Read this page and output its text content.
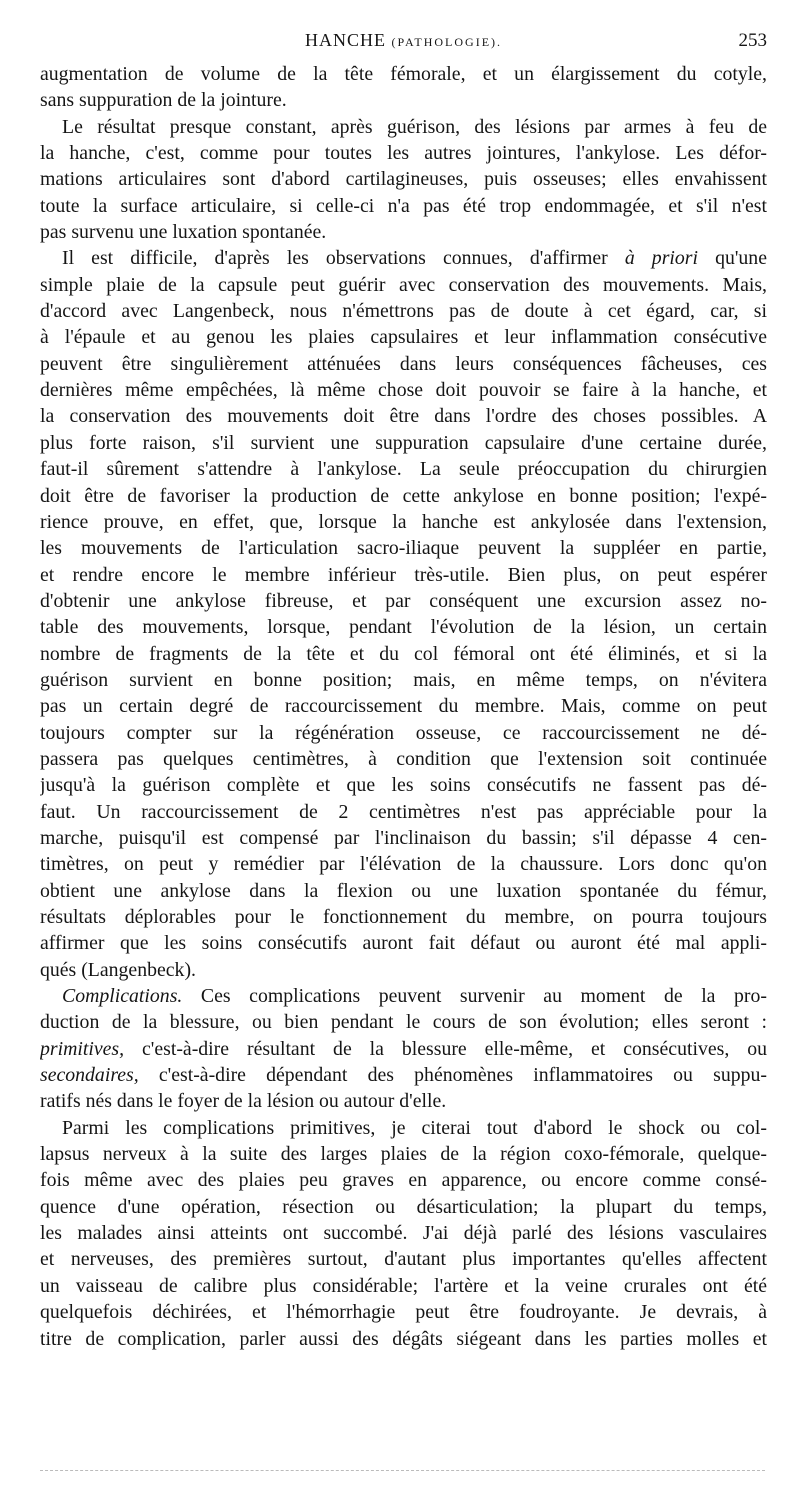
HANCHE (PATHOLOGIE).	253
augmentation de volume de la tête fémorale, et un élargissement du cotyle,
sans suppuration de la jointure.
Le résultat presque constant, après guérison, des lésions par armes à feu de
la hanche, c'est, comme pour toutes les autres jointures, l'ankylose. Les défor-
mations articulaires sont d'abord cartilagineuses, puis osseuses; elles envahissent
toute la surface articulaire, si celle-ci n'a pas été trop endommagée, et s'il n'est
pas survenu une luxation spontanée.
Il est difficile, d'après les observations connues, d'affirmer à priori qu'une
simple plaie de la capsule peut guérir avec conservation des mouvements. Mais,
d'accord avec Langenbeck, nous n'émettrons pas de doute à cet égard, car, si
à l'épaule et au genou les plaies capsulaires et leur inflammation consécutive
peuvent être singulièrement atténuées dans leurs conséquences fâcheuses, ces
dernières même empêchées, là même chose doit pouvoir se faire à la hanche, et
la conservation des mouvements doit être dans l'ordre des choses possibles. A
plus forte raison, s'il survient une suppuration capsulaire d'une certaine durée,
faut-il sûrement s'attendre à l'ankylose. La seule préoccupation du chirurgien
doit être de favoriser la production de cette ankylose en bonne position; l'expé-
rience prouve, en effet, que, lorsque la hanche est ankylosée dans l'extension,
les mouvements de l'articulation sacro-iliaque peuvent la suppléer en partie,
et rendre encore le membre inférieur très-utile. Bien plus, on peut espérer
d'obtenir une ankylose fibreuse, et par conséquent une excursion assez no-
table des mouvements, lorsque, pendant l'évolution de la lésion, un certain
nombre de fragments de la tête et du col fémoral ont été éliminés, et si la
guérison survient en bonne position; mais, en même temps, on n'évitera
pas un certain degré de raccourcissement du membre. Mais, comme on peut
toujours compter sur la régénération osseuse, ce raccourcissement ne dé-
passera pas quelques centimètres, à condition que l'extension soit continuée
jusqu'à la guérison complète et que les soins consécutifs ne fassent pas dé-
faut. Un raccourcissement de 2 centimètres n'est pas appréciable pour la
marche, puisqu'il est compensé par l'inclinaison du bassin; s'il dépasse 4 cen-
timètres, on peut y remédier par l'élévation de la chaussure. Lors donc qu'on
obtient une ankylose dans la flexion ou une luxation spontanée du fémur,
résultats déplorables pour le fonctionnement du membre, on pourra toujours
affirmer que les soins consécutifs auront fait défaut ou auront été mal appli-
qués (Langenbeck).
Complications. Ces complications peuvent survenir au moment de la pro-
duction de la blessure, ou bien pendant le cours de son évolution; elles seront :
primitives, c'est-à-dire résultant de la blessure elle-même, et consécutives, ou
secondaires, c'est-à-dire dépendant des phénomènes inflammatoires ou suppu-
ratifs nés dans le foyer de la lésion ou autour d'elle.
Parmi les complications primitives, je citerai tout d'abord le shock ou col-
lapsus nerveux à la suite des larges plaies de la région coxo-fémorale, quelque-
fois même avec des plaies peu graves en apparence, ou encore comme consé-
quence d'une opération, résection ou désarticulation; la plupart du temps,
les malades ainsi atteints ont succombé. J'ai déjà parlé des lésions vasculaires
et nerveuses, des premières surtout, d'autant plus importantes qu'elles affectent
un vaisseau de calibre plus considérable; l'artère et la veine crurales ont été
quelquefois déchirées, et l'hémorrhagie peut être foudroyante. Je devrais, à
titre de complication, parler aussi des dégâts siégeant dans les parties molles et
